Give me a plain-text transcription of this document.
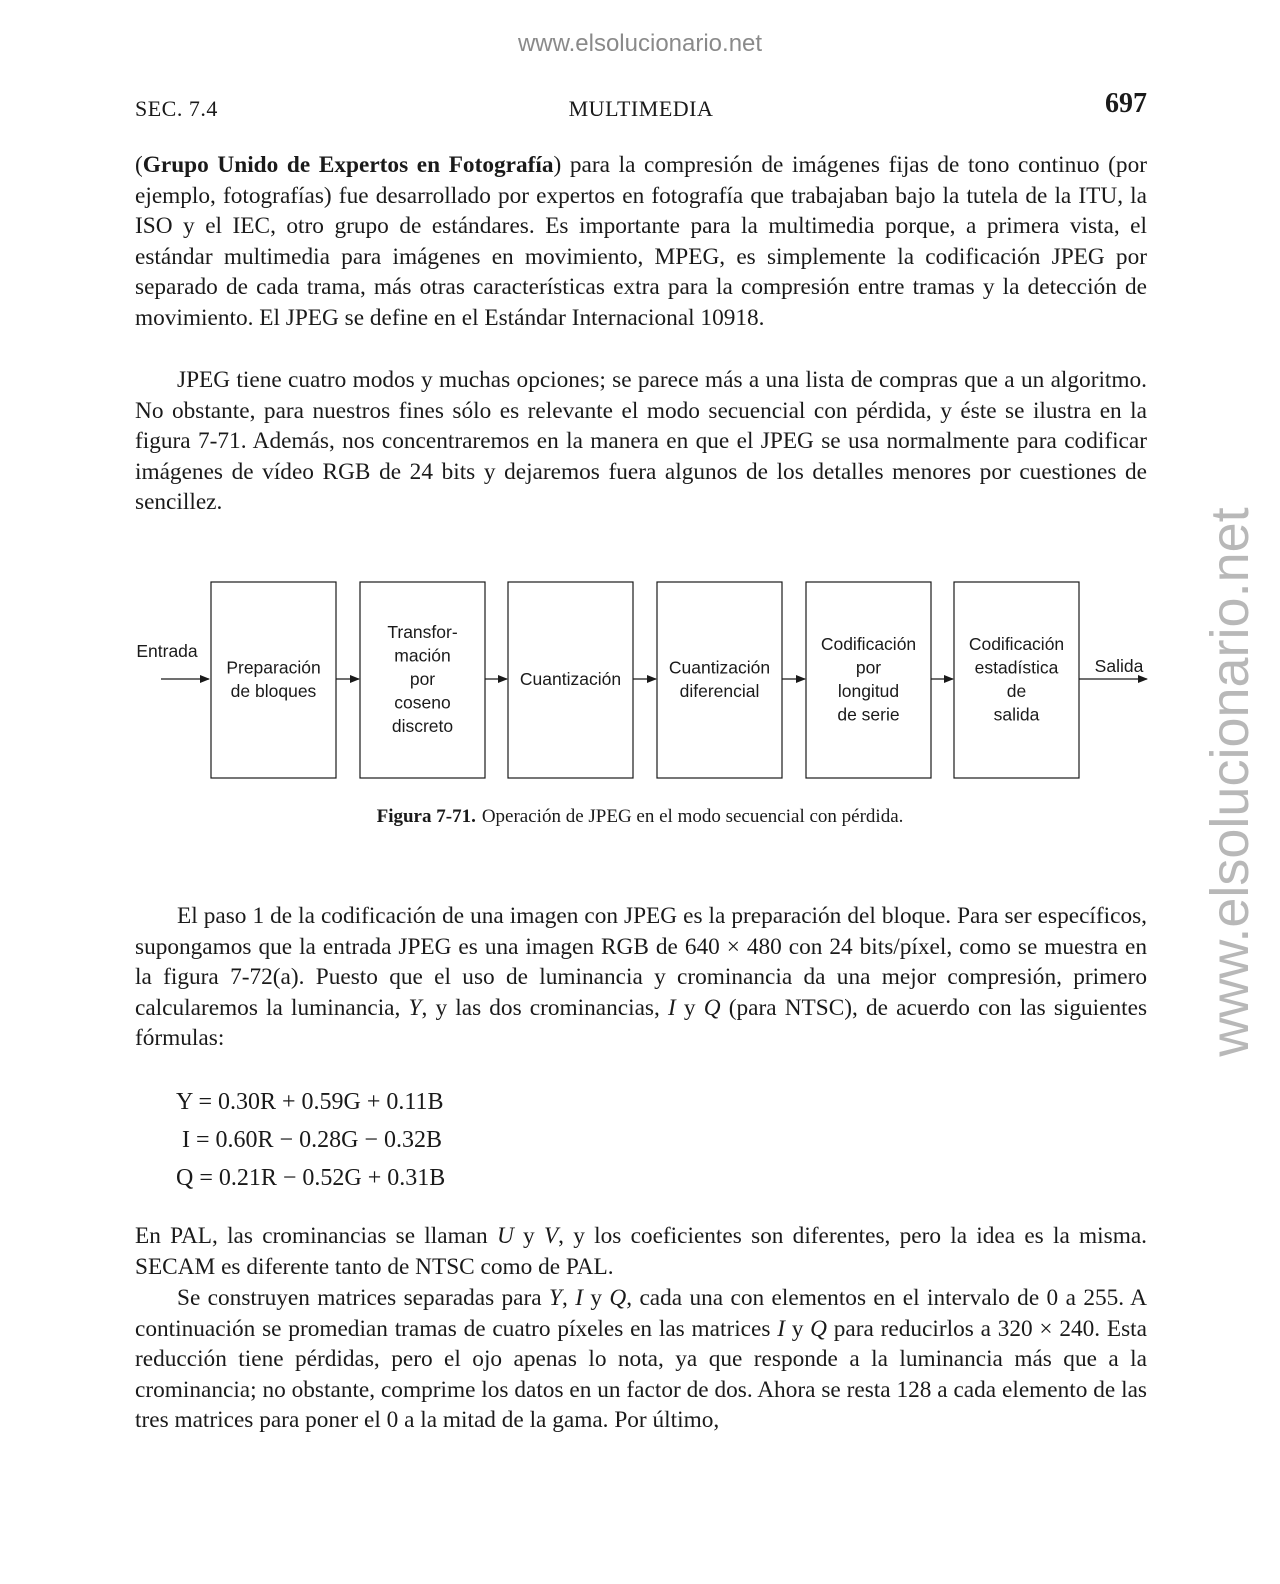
www.elsolucionario.net
www.elsolucionario.net
SEC. 7.4	MULTIMEDIA	697

(Grupo Unido de Expertos en Fotografía) para la compresión de imágenes fijas de tono continuo (por ejemplo, fotografías) fue desarrollado por expertos en fotografía que trabajaban bajo la tutela de la ITU, la ISO y el IEC, otro grupo de estándares. Es importante para la multimedia porque, a primera vista, el estándar multimedia para imágenes en movimiento, MPEG, es simplemente la codificación JPEG por separado de cada trama, más otras características extra para la compresión entre tramas y la detección de movimiento. El JPEG se define en el Estándar Internacional 10918.

JPEG tiene cuatro modos y muchas opciones; se parece más a una lista de compras que a un algoritmo. No obstante, para nuestros fines sólo es relevante el modo secuencial con pérdida, y éste se ilustra en la figura 7-71. Además, nos concentraremos en la manera en que el JPEG se usa normalmente para codificar imágenes de vídeo RGB de 24 bits y dejaremos fuera algunos de los detalles menores por cuestiones de sencillez.

Entrada
Preparación
de bloques
Transfor-
mación
por
coseno
discreto
Cuantización
Cuantización
diferencial
Codificación
por
longitud
de serie
Codificación
estadística
de
salida
Salida
Figura 7-71. Operación de JPEG en el modo secuencial con pérdida.

El paso 1 de la codificación de una imagen con JPEG es la preparación del bloque. Para ser específicos, supongamos que la entrada JPEG es una imagen RGB de 640 × 480 con 24 bits/píxel, como se muestra en la figura 7-72(a). Puesto que el uso de luminancia y crominancia da una mejor compresión, primero calcularemos la luminancia, Y, y las dos crominancias, I y Q (para NTSC), de acuerdo con las siguientes fórmulas:

Y = 0.30R + 0.59G + 0.11B
I = 0.60R − 0.28G − 0.32B
Q = 0.21R − 0.52G + 0.31B

En PAL, las crominancias se llaman U y V, y los coeficientes son diferentes, pero la idea es la misma. SECAM es diferente tanto de NTSC como de PAL.

Se construyen matrices separadas para Y, I y Q, cada una con elementos en el intervalo de 0 a 255. A continuación se promedian tramas de cuatro píxeles en las matrices I y Q para reducirlos a 320 × 240. Esta reducción tiene pérdidas, pero el ojo apenas lo nota, ya que responde a la luminancia más que a la crominancia; no obstante, comprime los datos en un factor de dos. Ahora se resta 128 a cada elemento de las tres matrices para poner el 0 a la mitad de la gama. Por último,
